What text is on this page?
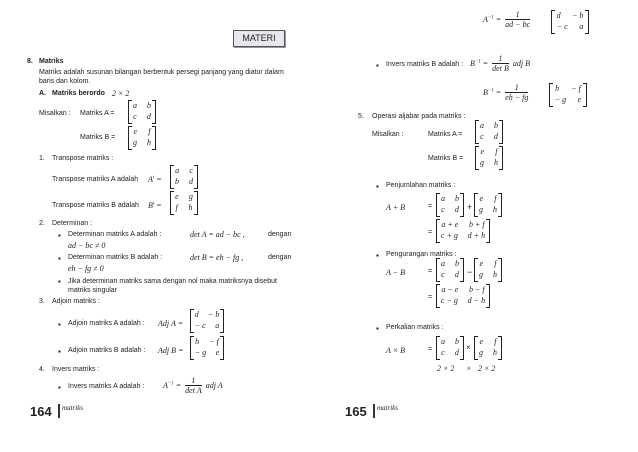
MATERI
8. Matriks
Matriks adalah susunan bilangan berbentuk persegi panjang yang diatur dalam baris dan kolom.
A. Matriks berordo 2 × 2
Misalkan : Matriks A =
a b
c d
Matriks B =
e f
g h
1. Transpose matriks :
Transpose matriks A adalah $A^t$ =
a c
b d
Transpose matriks B adalah $B^t$ =
e g
f h
2. Determinan :
▪ Determinan matriks A adalah :	det A = ad − bc ,	dengan
ad − bc ≠ 0
▪ Determinan matriks B adalah :	det B = eh − fg ,	dengan
eh − fg ≠ 0
▪ Jika determinan matriks sama dengan nol maka matriksnya disebut matriks singular
3. Adjoin matriks :
▪ Adjoin matriks A adalah : Adj A =
d − b
− c a
▪ Adjoin matriks B adalah : Adj B =
h − f
− g e
4. Invers matriks :
▪ Invers matriks A adalah : $A^{-1} = \frac{1}{\text{det A}}$ adj A
164 matriks
$A^{-1} = \frac{1}{ad - bc}$	d − b
− c a
▪ Invers matriks B adalah : $B^{-1} = \frac{1}{\text{det B}}$ adj B
$B^{-1} = \frac{1}{eh - fg}$	h − f
− g e
5. Operasi aljabar pada matriks :
Misalkan :	Matriks A =
a b
c d
Matriks B =
e f
g h
▪ Penjumlahan matriks :
A + B	=
a b
c d +
e f
g h
=
a + e b + f
c + g d + h
▪ Pengurangan matriks :
A − B	=
a b
c d −
e f
g h
=
a − e b − f
c − g d − h
▪ Perkalian matriks :
A × B	=
a b
c d
×
e f
g h
2 × 2 × 2 × 2
165 matriks
